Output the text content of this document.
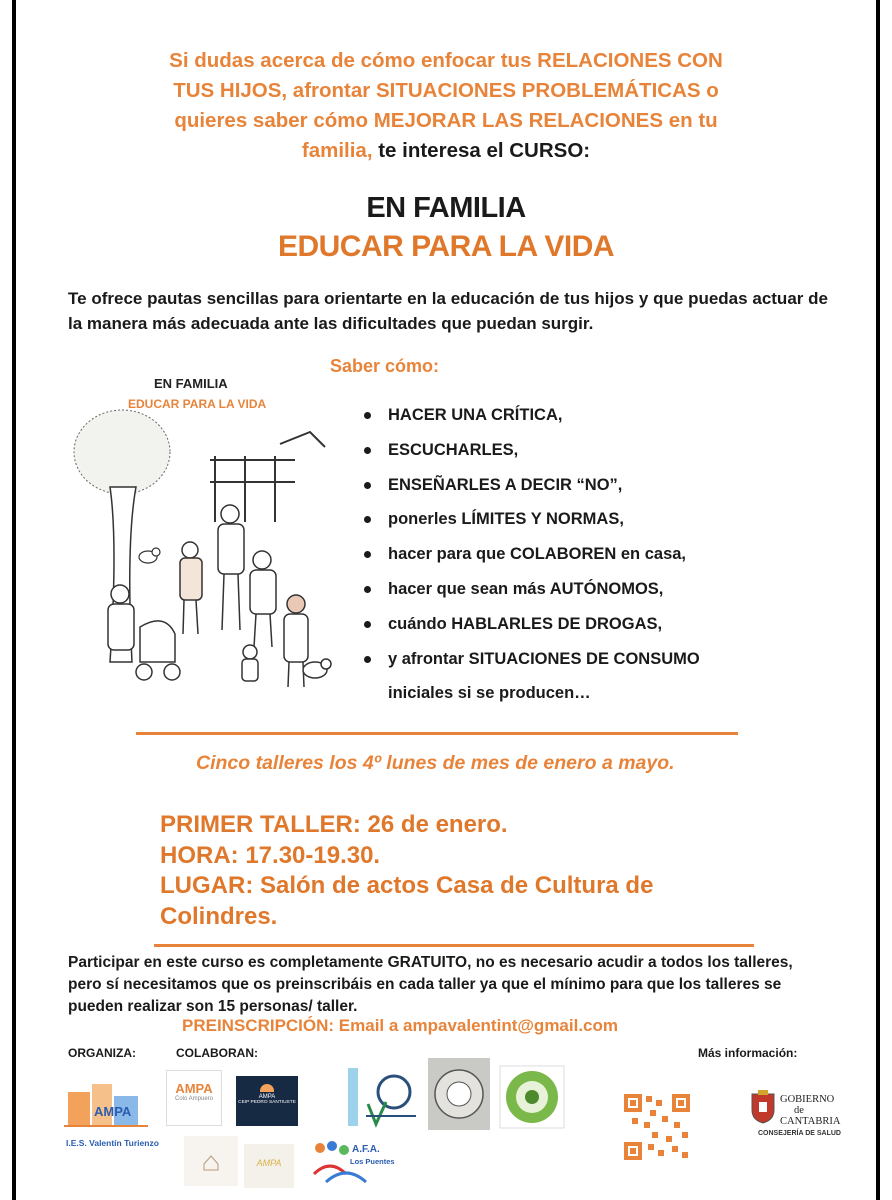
Si dudas acerca de cómo enfocar tus RELACIONES CON
TUS HIJOS, afrontar SITUACIONES PROBLEMÁTICAS o
quieres saber cómo MEJORAR LAS RELACIONES en tu
familia, te interesa el CURSO:
EN FAMILIA
EDUCAR PARA LA VIDA
Te ofrece pautas sencillas para orientarte en la educación de tus hijos y que puedas actuar de la manera más adecuada ante las dificultades que puedan surgir.
Saber cómo:
EN FAMILIA
EDUCAR PARA LA VIDA
HACER UNA CRÍTICA,
ESCUCHARLES,
ENSEÑARLES A DECIR “NO”,
ponerles LÍMITES Y NORMAS,
hacer para que COLABOREN en casa,
hacer que sean más AUTÓNOMOS,
cuándo HABLARLES DE DROGAS,
y afrontar SITUACIONES DE CONSUMO
iniciales si se producen…
Cinco talleres los 4º lunes de mes de enero a mayo.
PRIMER TALLER: 26 de enero.
HORA: 17.30-19.30.
LUGAR: Salón de actos Casa de Cultura de
Colindres.
Participar en este curso es completamente GRATUITO, no es necesario acudir a todos los talleres, pero sí necesitamos que os preinscribáis en cada taller ya que el mínimo para que los talleres se pueden realizar son 15 personas/ taller.
PREINSCRIPCIÓN: Email a ampavalentint@gmail.com
ORGANIZA:	COLABORAN:	Más información:
AMPA
I.E.S. Valentín Turienzo
AMPA
Colo Ampuero	AMPA
CEIP PEDRO SANTIUSTE	GOBIERNO
de
CANTABRIA
CONSEJERÍA DE SALUD
AMPA
A.F.A.
Los Puentes
